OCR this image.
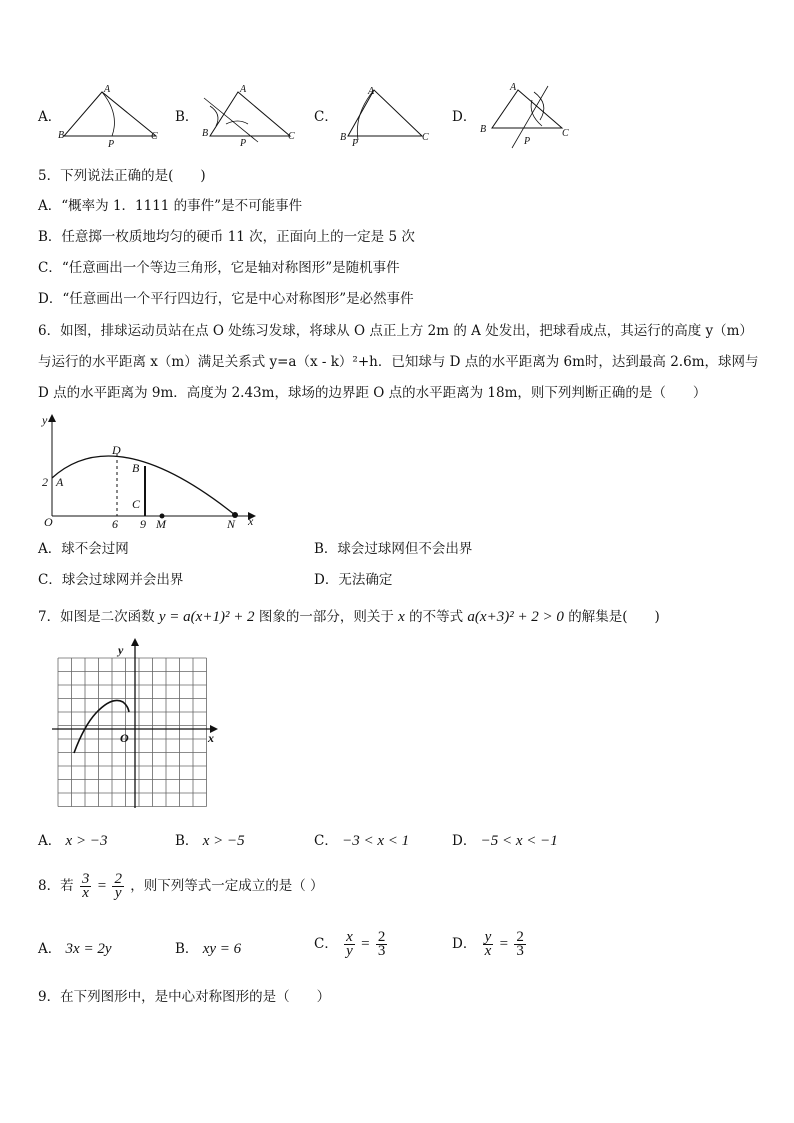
A．
A
B
P
C
B．
A
B
P
C
C．
A
B
P
C
D．
A
B
P
C
5．下列说法正确的是(　　)
A．“概率为 1．1111 的事件”是不可能事件
B．任意掷一枚质地均匀的硬币 11 次，正面向上的一定是 5 次
C．“任意画出一个等边三角形，它是轴对称图形”是随机事件
D．“任意画出一个平行四边行，它是中心对称图形”是必然事件
6．如图，排球运动员站在点 O 处练习发球，将球从 O 点正上方 2m 的 A 处发出，把球看成点，其运行的高度 y（m）
与运行的水平距离 x（m）满足关系式 y=a（x - k）²+h．已知球与 D 点的水平距离为 6m时，达到最高 2.6m，球网与
D 点的水平距离为 9m．高度为 2.43m，球场的边界距 O 点的水平距离为 18m，则下列判断正确的是（　　）
y
x
O
A
2
D
B
C
6 9 M	N
A．球不会过网	B．球会过球网但不会出界
C．球会过球网并会出界	D．无法确定
7．如图是二次函数 y = a(x+1)² + 2 图象的一部分，则关于 x 的不等式 a(x+3)² + 2 > 0 的解集是(　　)
y
x
O
A． x > −3	B． x > −5	C． −3 < x < 1	D． −5 < x < −1
8．若 $\frac{3}{x} = \frac{2}{y}$ ，则下列等式一定成立的是（ ）
A． 3x = 2y	B． xy = 6	C． $\frac{x}{y} = \frac{2}{3}$	D． $\frac{y}{x} = \frac{2}{3}$
9．在下列图形中，是中心对称图形的是（　　）
